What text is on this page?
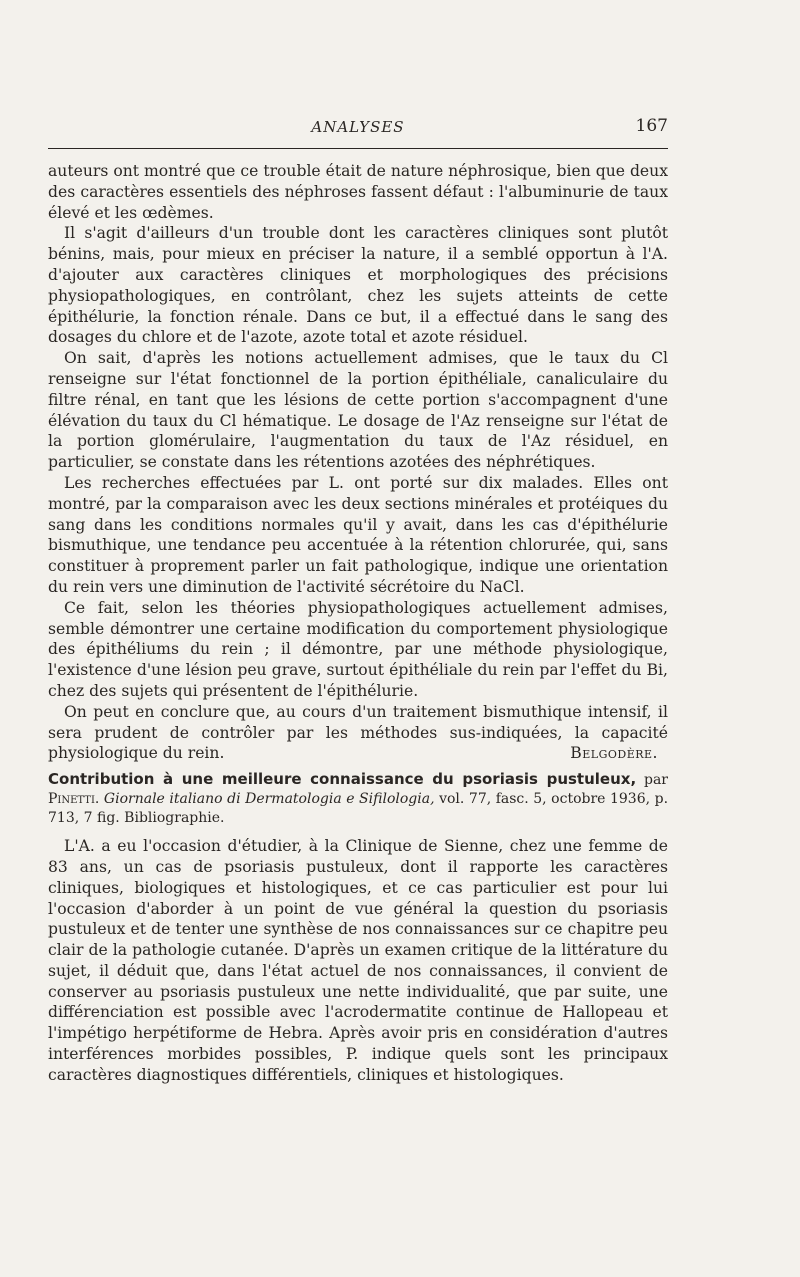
ANALYSES	167

auteurs ont montré que ce trouble était de nature néphrosique, bien que deux des caractères essentiels des néphroses fassent défaut : l'albuminurie de taux élevé et les œdèmes.

Il s'agit d'ailleurs d'un trouble dont les caractères cliniques sont plutôt bénins, mais, pour mieux en préciser la nature, il a semblé opportun à l'A. d'ajouter aux caractères cliniques et morphologiques des précisions physiopathologiques, en contrôlant, chez les sujets atteints de cette épithélurie, la fonction rénale. Dans ce but, il a effectué dans le sang des dosages du chlore et de l'azote, azote total et azote résiduel.

On sait, d'après les notions actuellement admises, que le taux du Cl renseigne sur l'état fonctionnel de la portion épithéliale, canaliculaire du filtre rénal, en tant que les lésions de cette portion s'accompagnent d'une élévation du taux du Cl hématique. Le dosage de l'Az renseigne sur l'état de la portion glomérulaire, l'augmentation du taux de l'Az résiduel, en particulier, se constate dans les rétentions azotées des néphrétiques.

Les recherches effectuées par L. ont porté sur dix malades. Elles ont montré, par la comparaison avec les deux sections minérales et protéiques du sang dans les conditions normales qu'il y avait, dans les cas d'épithélurie bismuthique, une tendance peu accentuée à la rétention chlorurée, qui, sans constituer à proprement parler un fait pathologique, indique une orientation du rein vers une diminution de l'activité sécrétoire du NaCl.

Ce fait, selon les théories physiopathologiques actuellement admises, semble démontrer une certaine modification du comportement physiologique des épithéliums du rein ; il démontre, par une méthode physiologique, l'existence d'une lésion peu grave, surtout épithéliale du rein par l'effet du Bi, chez des sujets qui présentent de l'épithélurie.

On peut en conclure que, au cours d'un traitement bismuthique intensif, il sera prudent de contrôler par les méthodes sus-indiquées, la capacité physiologique du rein.	Belgodère.

Contribution à une meilleure connaissance du psoriasis pustuleux, par Pinetti. Giornale italiano di Dermatologia e Sifilologia, vol. 77, fasc. 5, octobre 1936, p. 713, 7 fig. Bibliographie.

L'A. a eu l'occasion d'étudier, à la Clinique de Sienne, chez une femme de 83 ans, un cas de psoriasis pustuleux, dont il rapporte les caractères cliniques, biologiques et histologiques, et ce cas particulier est pour lui l'occasion d'aborder à un point de vue général la question du psoriasis pustuleux et de tenter une synthèse de nos connaissances sur ce chapitre peu clair de la pathologie cutanée. D'après un examen critique de la littérature du sujet, il déduit que, dans l'état actuel de nos connaissances, il convient de conserver au psoriasis pustuleux une nette individualité, que par suite, une différenciation est possible avec l'acrodermatite continue de Hallopeau et l'impétigo herpétiforme de Hebra. Après avoir pris en considération d'autres interférences morbides possibles, P. indique quels sont les principaux caractères diagnostiques différentiels, cliniques et histologiques.
